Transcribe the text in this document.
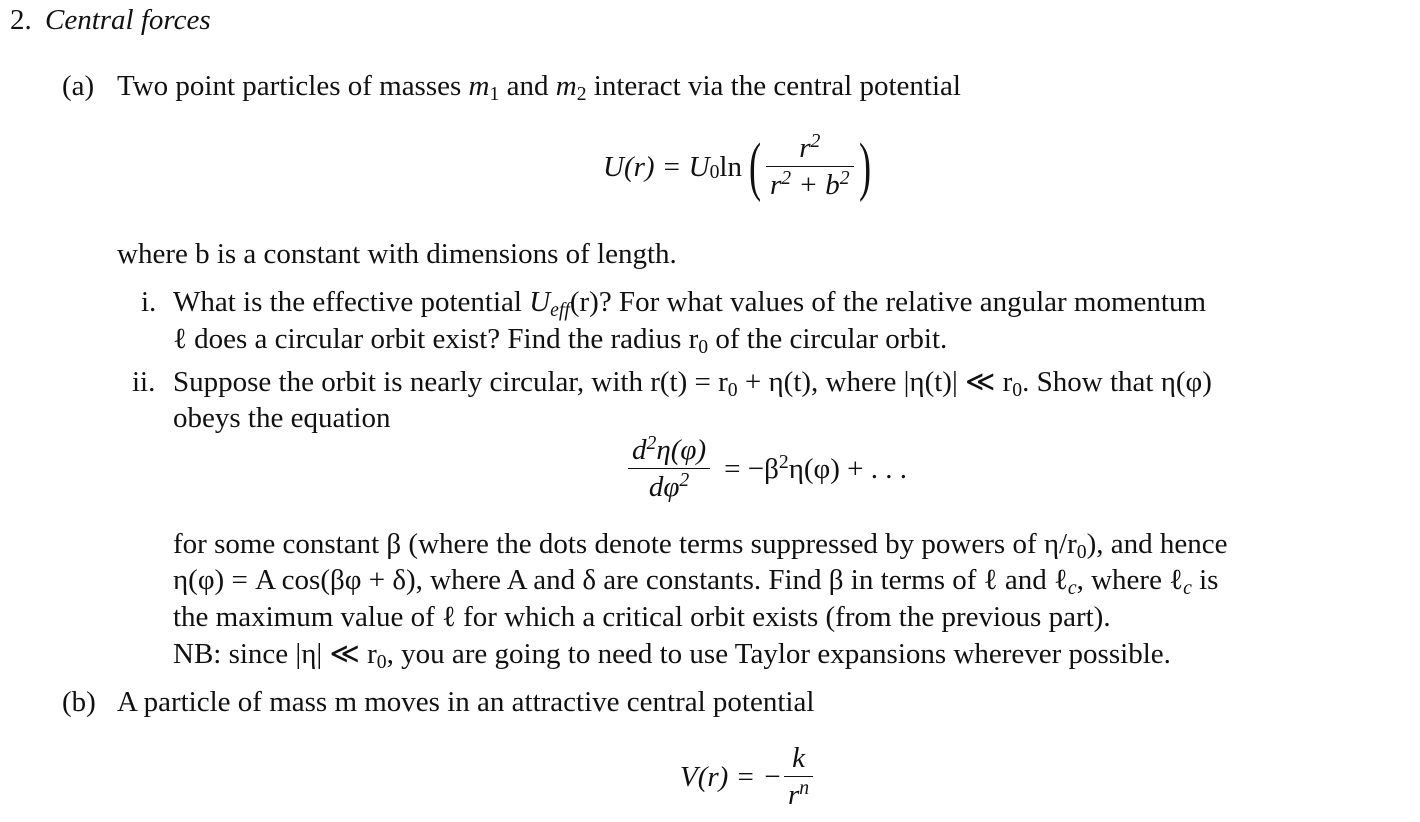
2. Central forces
(a) Two point particles of masses $m_1$ and $m_2$ interact via the central potential
$U(r) = U_0$ ln ( $\frac{r^2}{r^2 + b^2}$ )
where b is a constant with dimensions of length.
i. What is the effective potential $U_{eff}(r)$? For what values of the relative angular momentum
ℓ does a circular orbit exist? Find the radius $r_0$ of the circular orbit.
ii. Suppose the orbit is nearly circular, with $r(t) = r_0 + \eta(t)$, where |η(t)| ≪ $r_0$. Show that η(φ)
obeys the equation
$\frac{d^2\eta(\varphi)}{d\varphi^2} = -\beta^2\eta(\varphi)$ + . . .
for some constant β (where the dots denote terms suppressed by powers of $\eta/r_0$), and hence
η(φ) = A cos(βφ + δ), where A and δ are constants. Find β in terms of ℓ and ℓ$_c$, where ℓ$_c$ is
the maximum value of ℓ for which a critical orbit exists (from the previous part).
NB: since |η| ≪ $r_0$, you are going to need to use Taylor expansions wherever possible.
(b) A particle of mass m moves in an attractive central potential
V(r) = − $\frac{k}{r^n}$
